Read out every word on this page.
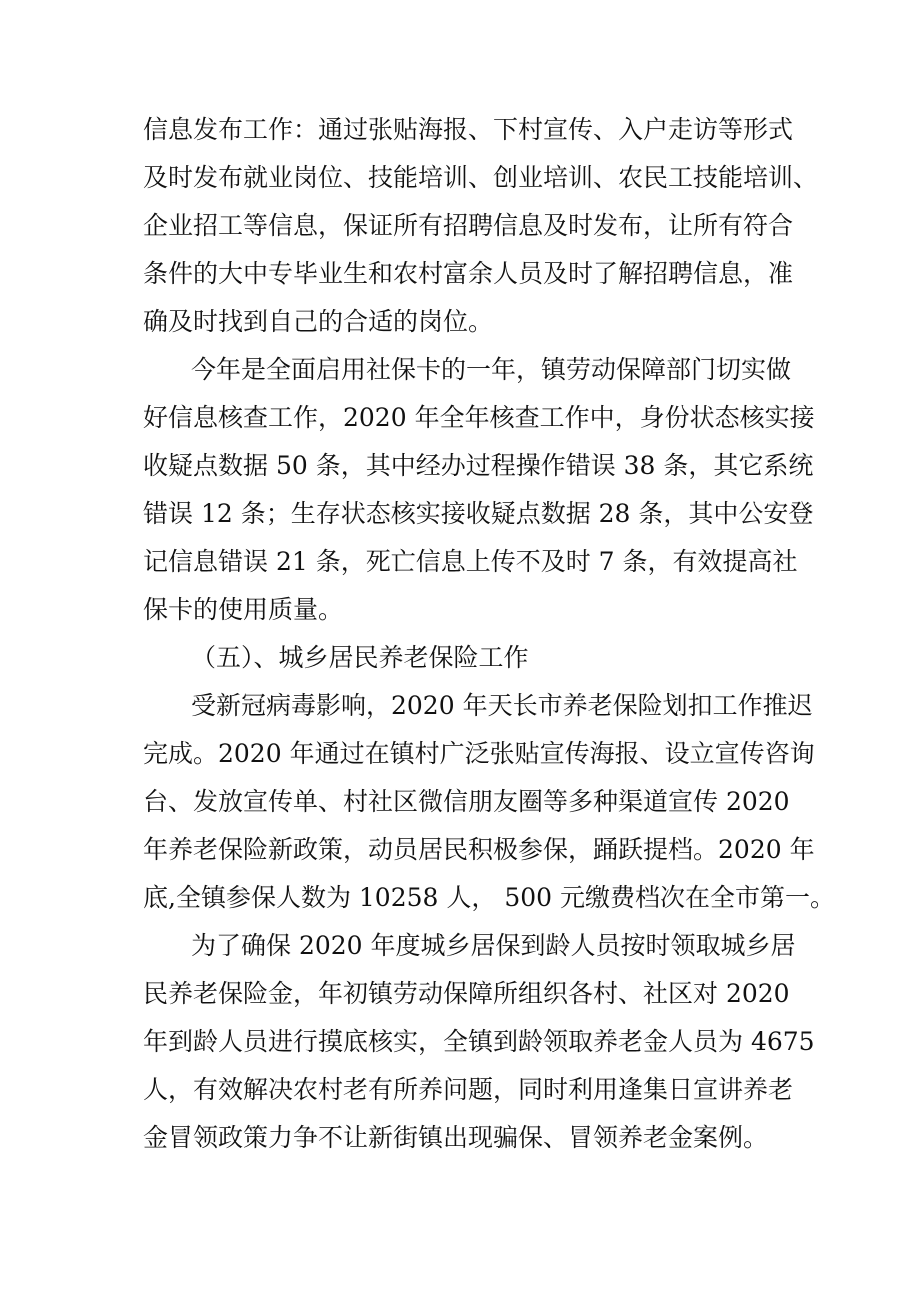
信息发布工作：通过张贴海报、下村宣传、入户走访等形式
及时发布就业岗位、技能培训、创业培训、农民工技能培训、
企业招工等信息，保证所有招聘信息及时发布，让所有符合
条件的大中专毕业生和农村富余人员及时了解招聘信息，准
确及时找到自己的合适的岗位。
今年是全面启用社保卡的一年，镇劳动保障部门切实做
好信息核查工作，2020 年全年核查工作中，身份状态核实接
收疑点数据 50 条，其中经办过程操作错误 38 条，其它系统
错误 12 条；生存状态核实接收疑点数据 28 条，其中公安登
记信息错误 21 条，死亡信息上传不及时 7 条，有效提高社
保卡的使用质量。
（五）、城乡居民养老保险工作
受新冠病毒影响，2020 年天长市养老保险划扣工作推迟
完成。2020 年通过在镇村广泛张贴宣传海报、设立宣传咨询
台、发放宣传单、村社区微信朋友圈等多种渠道宣传 2020
年养老保险新政策，动员居民积极参保，踊跃提档。2020 年
底,全镇参保人数为 10258 人， 500 元缴费档次在全市第一。
为了确保 2020 年度城乡居保到龄人员按时领取城乡居
民养老保险金，年初镇劳动保障所组织各村、社区对 2020
年到龄人员进行摸底核实，全镇到龄领取养老金人员为 4675
人，有效解决农村老有所养问题，同时利用逢集日宣讲养老
金冒领政策力争不让新街镇出现骗保、冒领养老金案例。
